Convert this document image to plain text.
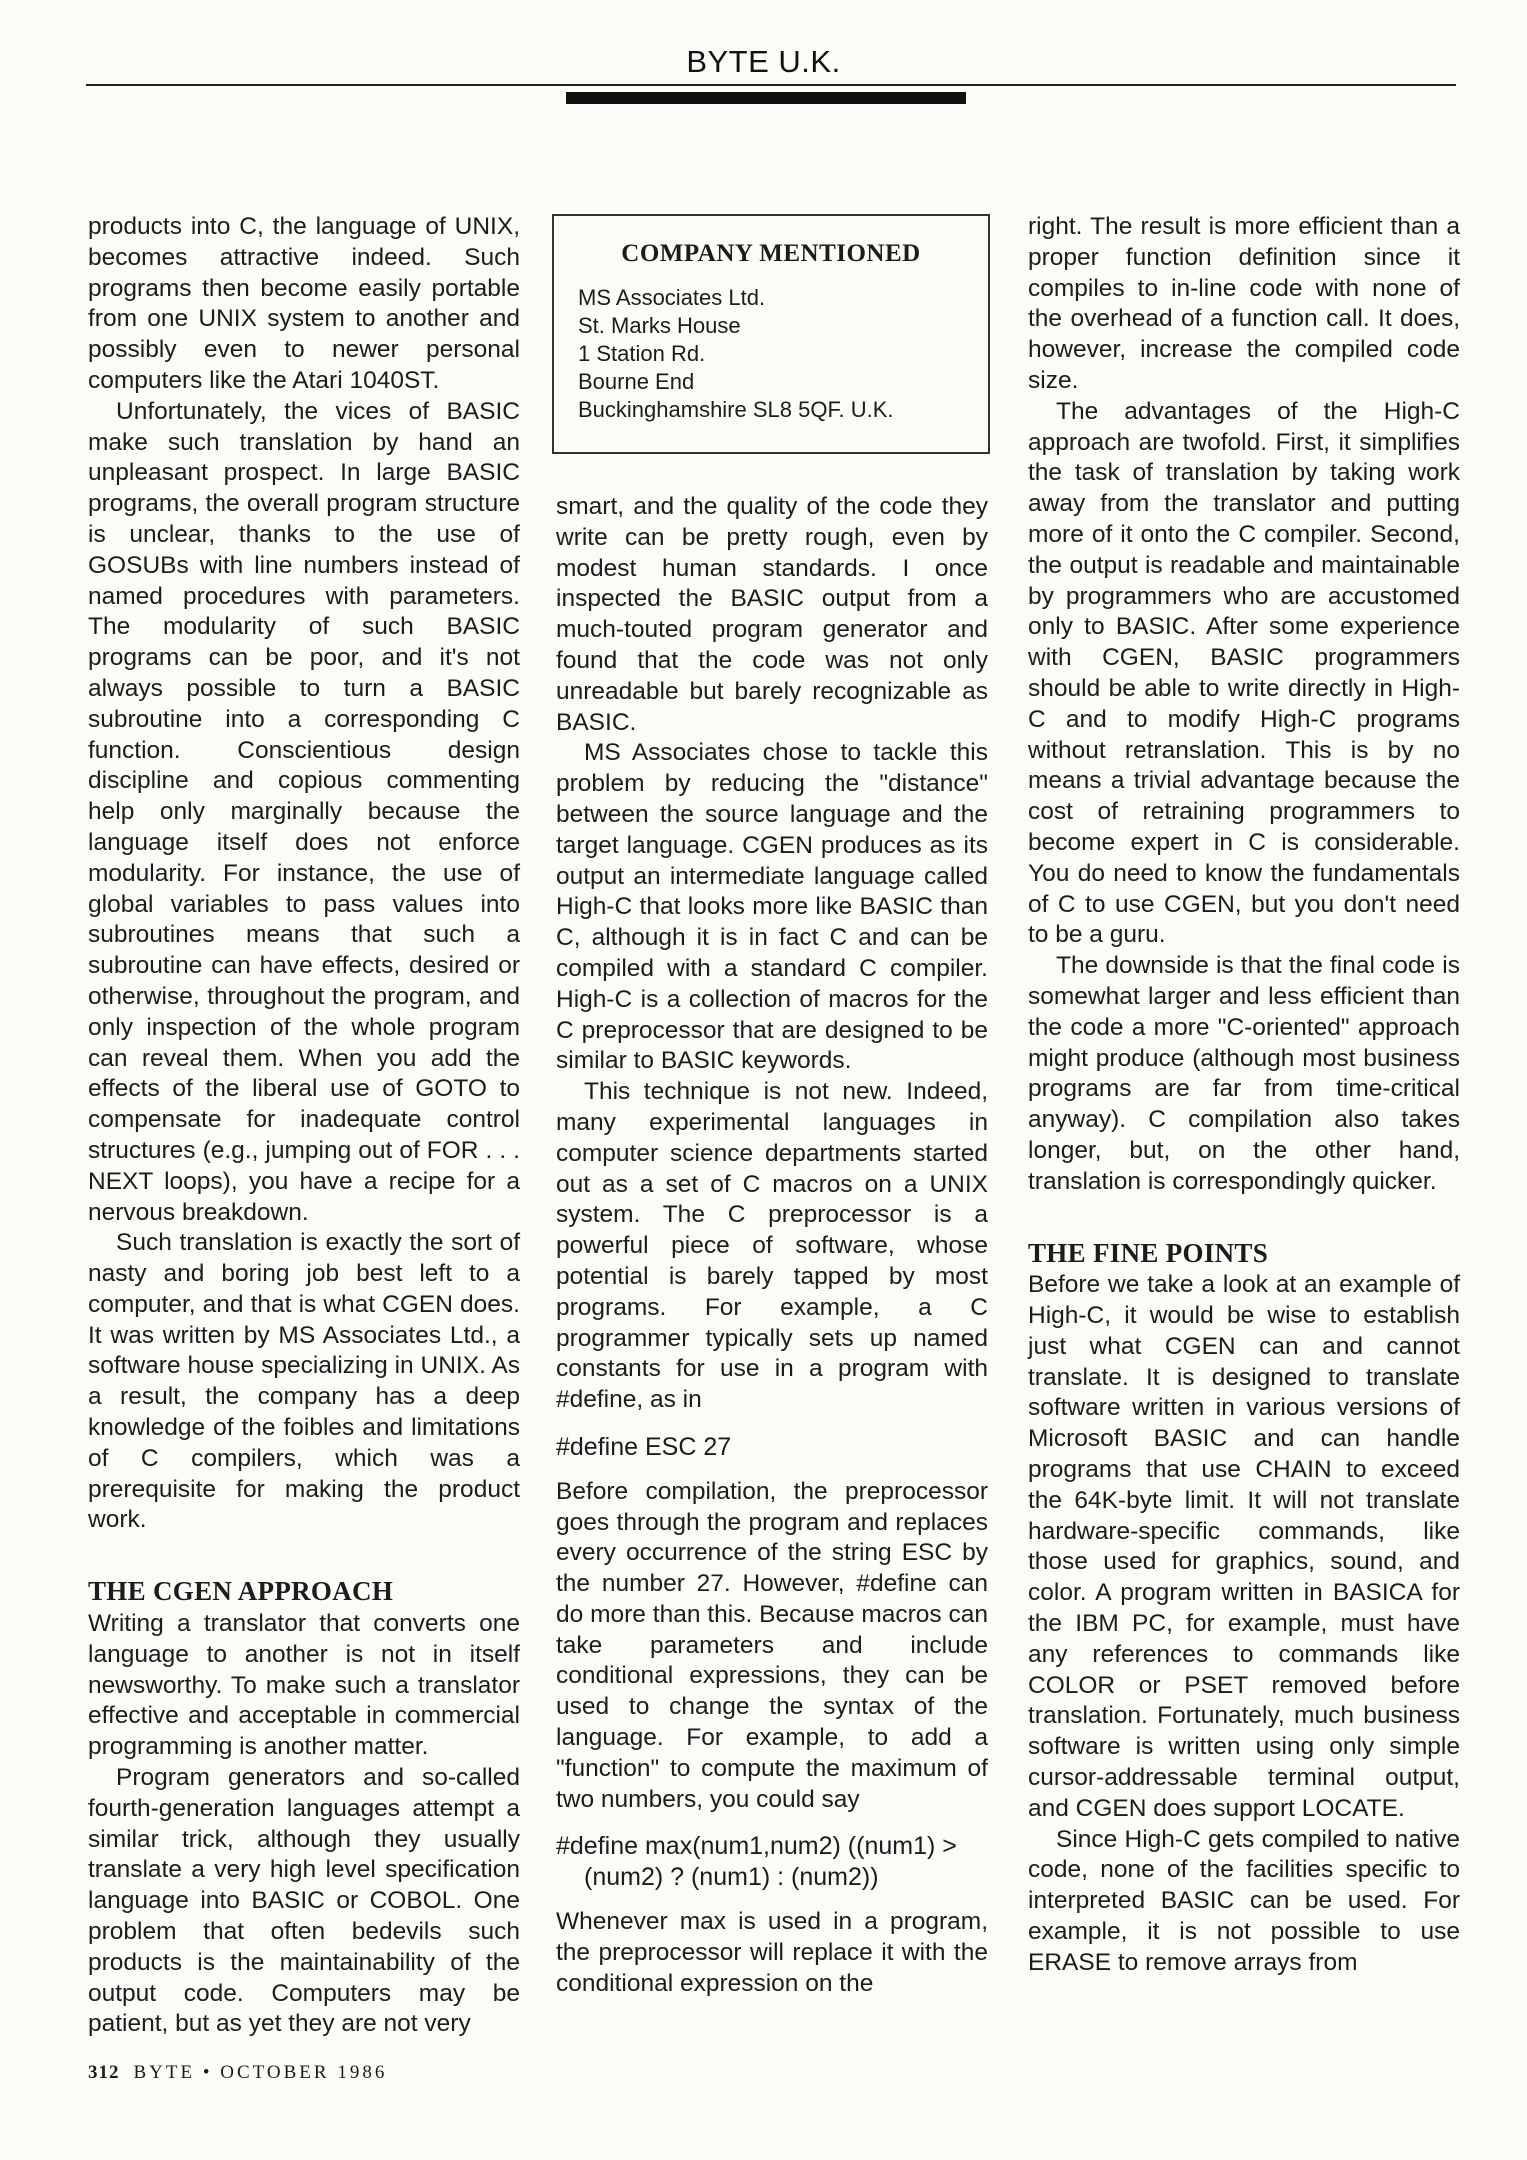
BYTE U.K.

products into C, the language of UNIX, becomes attractive indeed. Such programs then become easily portable from one UNIX system to another and possibly even to newer personal computers like the Atari 1040ST.

Unfortunately, the vices of BASIC make such translation by hand an unpleasant prospect. In large BASIC programs, the overall program structure is unclear, thanks to the use of GOSUBs with line numbers instead of named procedures with parameters. The modularity of such BASIC programs can be poor, and it's not always possible to turn a BASIC subroutine into a corresponding C function. Conscientious design discipline and copious commenting help only marginally because the language itself does not enforce modularity. For instance, the use of global variables to pass values into subroutines means that such a subroutine can have effects, desired or otherwise, throughout the program, and only inspection of the whole program can reveal them. When you add the effects of the liberal use of GOTO to compensate for inadequate control structures (e.g., jumping out of FOR . . . NEXT loops), you have a recipe for a nervous breakdown.

Such translation is exactly the sort of nasty and boring job best left to a computer, and that is what CGEN does. It was written by MS Associates Ltd., a software house specializing in UNIX. As a result, the company has a deep knowledge of the foibles and limitations of C compilers, which was a prerequisite for making the product work.

THE CGEN APPROACH

Writing a translator that converts one language to another is not in itself newsworthy. To make such a translator effective and acceptable in commercial programming is another matter.

Program generators and so-called fourth-generation languages attempt a similar trick, although they usually translate a very high level specification language into BASIC or COBOL. One problem that often bedevils such products is the maintainability of the output code. Computers may be patient, but as yet they are not very

COMPANY MENTIONED
MS Associates Ltd.
St. Marks House
1 Station Rd.
Bourne End
Buckinghamshire SL8 5QF. U.K.

smart, and the quality of the code they write can be pretty rough, even by modest human standards. I once inspected the BASIC output from a much-touted program generator and found that the code was not only unreadable but barely recognizable as BASIC.

MS Associates chose to tackle this problem by reducing the "distance" between the source language and the target language. CGEN produces as its output an intermediate language called High-C that looks more like BASIC than C, although it is in fact C and can be compiled with a standard C compiler. High-C is a collection of macros for the C preprocessor that are designed to be similar to BASIC keywords.

This technique is not new. Indeed, many experimental languages in computer science departments started out as a set of C macros on a UNIX system. The C preprocessor is a powerful piece of software, whose potential is barely tapped by most programs. For example, a C programmer typically sets up named constants for use in a program with #define, as in

#define ESC 27

Before compilation, the preprocessor goes through the program and replaces every occurrence of the string ESC by the number 27. However, #define can do more than this. Because macros can take parameters and include conditional expressions, they can be used to change the syntax of the language. For example, to add a "function" to compute the maximum of two numbers, you could say

#define max(num1,num2) ((num1) >
(num2) ? (num1) : (num2))

Whenever max is used in a program, the preprocessor will replace it with the conditional expression on the

right. The result is more efficient than a proper function definition since it compiles to in-line code with none of the overhead of a function call. It does, however, increase the compiled code size.

The advantages of the High-C approach are twofold. First, it simplifies the task of translation by taking work away from the translator and putting more of it onto the C compiler. Second, the output is readable and maintainable by programmers who are accustomed only to BASIC. After some experience with CGEN, BASIC programmers should be able to write directly in High-C and to modify High-C programs without retranslation. This is by no means a trivial advantage because the cost of retraining programmers to become expert in C is considerable. You do need to know the fundamentals of C to use CGEN, but you don't need to be a guru.

The downside is that the final code is somewhat larger and less efficient than the code a more "C-oriented" approach might produce (although most business programs are far from time-critical anyway). C compilation also takes longer, but, on the other hand, translation is correspondingly quicker.

THE FINE POINTS

Before we take a look at an example of High-C, it would be wise to establish just what CGEN can and cannot translate. It is designed to translate software written in various versions of Microsoft BASIC and can handle programs that use CHAIN to exceed the 64K-byte limit. It will not translate hardware-specific commands, like those used for graphics, sound, and color. A program written in BASICA for the IBM PC, for example, must have any references to commands like COLOR or PSET removed before translation. Fortunately, much business software is written using only simple cursor-addressable terminal output, and CGEN does support LOCATE.

Since High-C gets compiled to native code, none of the facilities specific to interpreted BASIC can be used. For example, it is not possible to use ERASE to remove arrays from

312 BYTE • OCTOBER 1986
